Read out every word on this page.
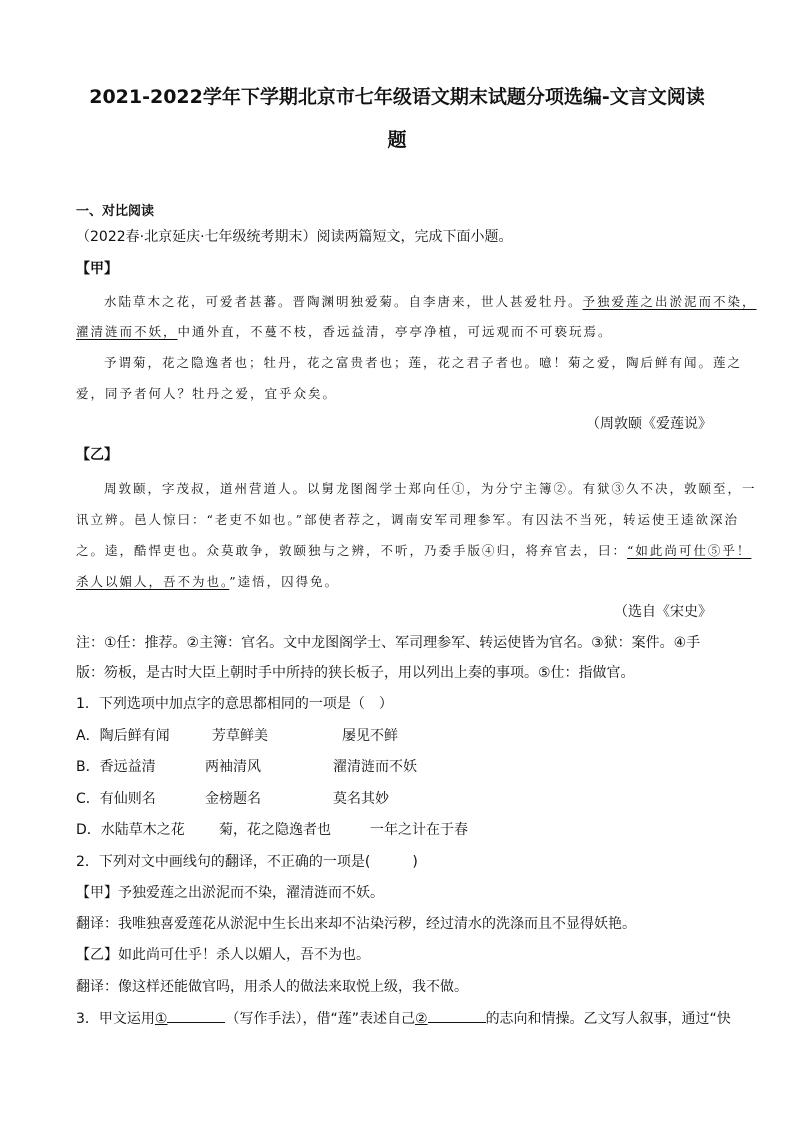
2021-2022学年下学期北京市七年级语文期末试题分项选编-文言文阅读
题
一、对比阅读
（2022春·北京延庆·七年级统考期末）阅读两篇短文，完成下面小题。
【甲】
水陆草木之花，可爱者甚蕃。晋陶渊明独爱菊。自李唐来，世人甚爱牡丹。予独爱莲之出淤泥而不染，
濯清涟而不妖，中通外直，不蔓不枝，香远益清，亭亭净植，可远观而不可亵玩焉。
予谓菊，花之隐逸者也；牡丹，花之富贵者也；莲，花之君子者也。噫！菊之爱，陶后鲜有闻。莲之
爱，同予者何人？牡丹之爱，宜乎众矣。
（周敦颐《爱莲说》
【乙】
周敦颐，字茂叔，道州营道人。以舅龙图阁学士郑向任①，为分宁主簿②。有狱③久不决，敦颐至，一
讯立辨。邑人惊曰：“老吏不如也。”部使者荐之，调南安军司理参军。有囚法不当死，转运使王逵欲深治
之。逵，酷悍吏也。众莫敢争，敦颐独与之辨，不听，乃委手版④归，将弃官去，曰：“如此尚可仕⑤乎！
杀人以媚人，吾不为也。”逵悟，囚得免。
（选自《宋史》
注：①任：推荐。②主簿：官名。文中龙图阁学士、军司理参军、转运使皆为官名。③狱：案件。④手
版：笏板，是古时大臣上朝时手中所持的狭长板子，用以列出上奏的事项。⑤仕：指做官。
1．下列选项中加点字的意思都相同的一项是（　）
A．陶后鲜有闻	芳草鲜美	屡见不鲜
B．香远益清	两袖清风	濯清涟而不妖
C．有仙则名	金榜题名	莫名其妙
D．水陆草木之花 菊，花之隐逸者也	一年之计在于春
2．下列对文中画线句的翻译，不正确的一项是(　　　)
【甲】予独爱莲之出淤泥而不染，濯清涟而不妖。
翻译：我唯独喜爱莲花从淤泥中生长出来却不沾染污秽，经过清水的洗涤而且不显得妖艳。
【乙】如此尚可仕乎！杀人以媚人，吾不为也。
翻译：像这样还能做官吗，用杀人的做法来取悦上级，我不做。
3．甲文运用①	（写作手法），借“莲”表述自己②	的志向和情操。乙文写人叙事，通过“快
